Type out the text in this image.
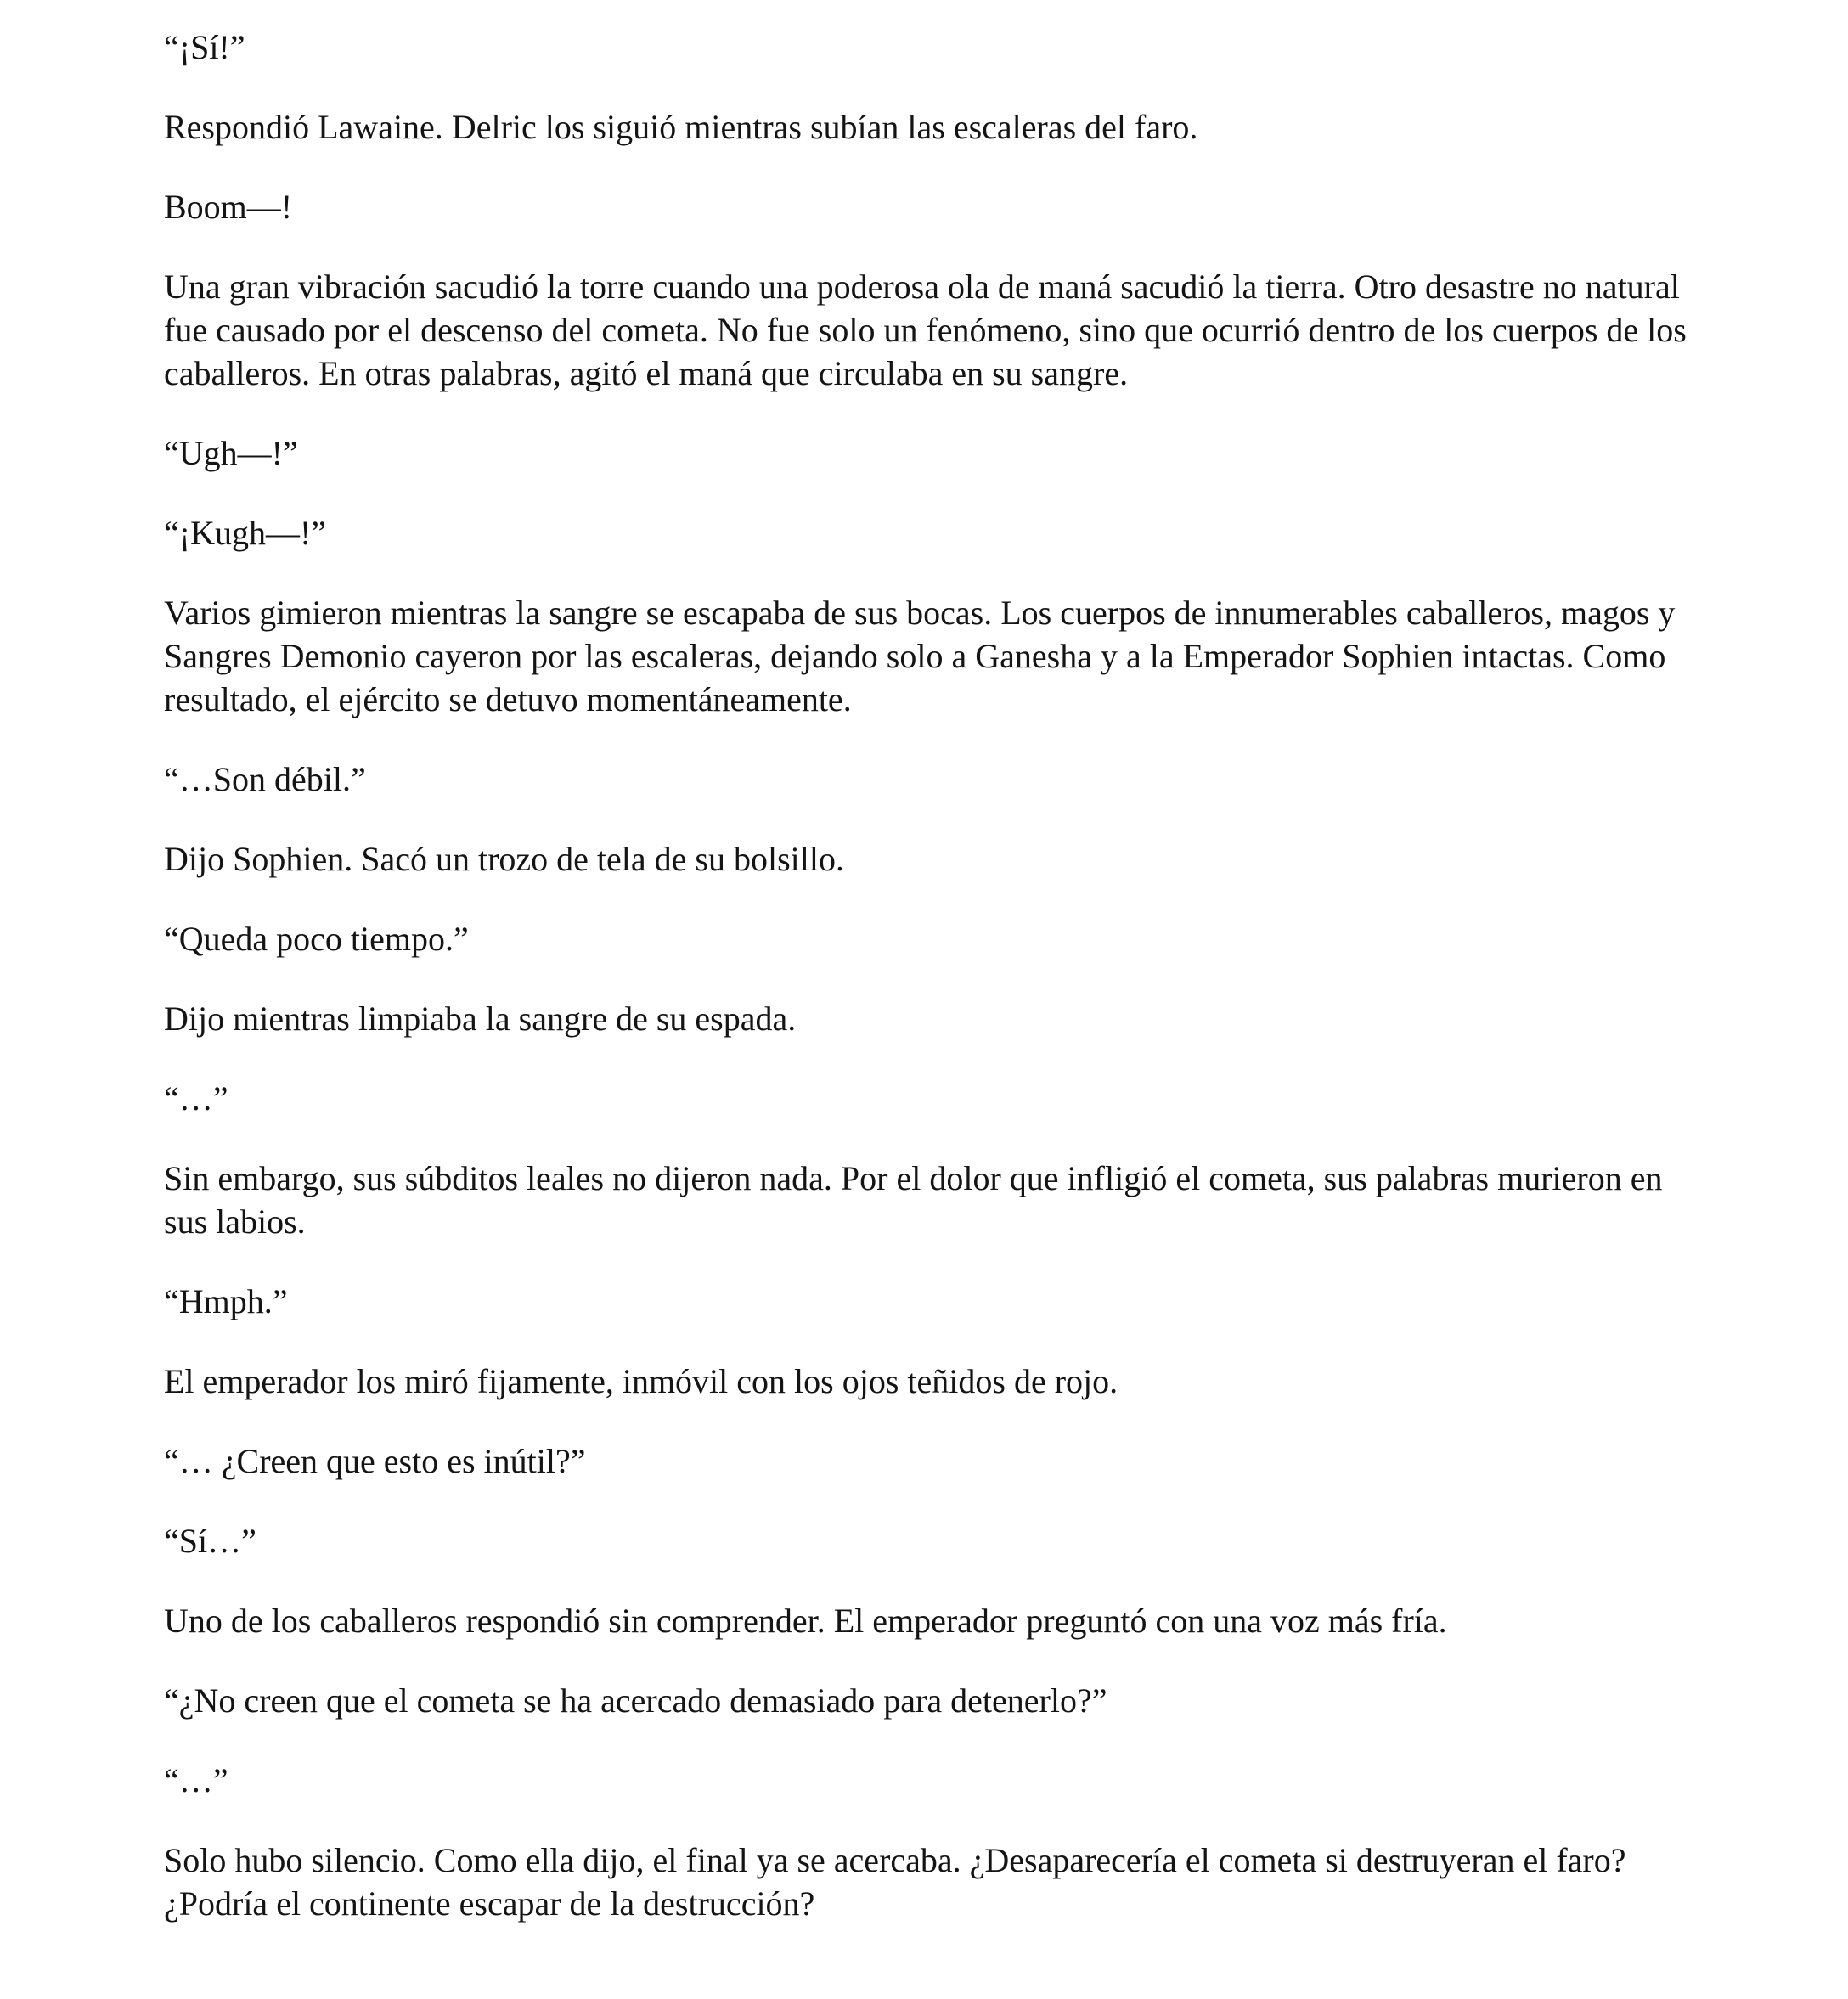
“¡Sí!”

Respondió Lawaine. Delric los siguió mientras subían las escaleras del faro.

Boom—!

Una gran vibración sacudió la torre cuando una poderosa ola de maná sacudió la tierra. Otro desastre no natural fue causado por el descenso del cometa. No fue solo un fenómeno, sino que ocurrió dentro de los cuerpos de los caballeros. En otras palabras, agitó el maná que circulaba en su sangre.

“Ugh—!”

“¡Kugh—!”

Varios gimieron mientras la sangre se escapaba de sus bocas. Los cuerpos de innumerables caballeros, magos y Sangres Demonio cayeron por las escaleras, dejando solo a Ganesha y a la Emperador Sophien intactas. Como resultado, el ejército se detuvo momentáneamente.

“…Son débil.”

Dijo Sophien. Sacó un trozo de tela de su bolsillo.

“Queda poco tiempo.”

Dijo mientras limpiaba la sangre de su espada.

“…”

Sin embargo, sus súbditos leales no dijeron nada. Por el dolor que infligió el cometa, sus palabras murieron en sus labios.

“Hmph.”

El emperador los miró fijamente, inmóvil con los ojos teñidos de rojo.

“… ¿Creen que esto es inútil?”

“Sí…”

Uno de los caballeros respondió sin comprender. El emperador preguntó con una voz más fría.

“¿No creen que el cometa se ha acercado demasiado para detenerlo?”

“…”

Solo hubo silencio. Como ella dijo, el final ya se acercaba. ¿Desaparecería el cometa si destruyeran el faro? ¿Podría el continente escapar de la destrucción?
